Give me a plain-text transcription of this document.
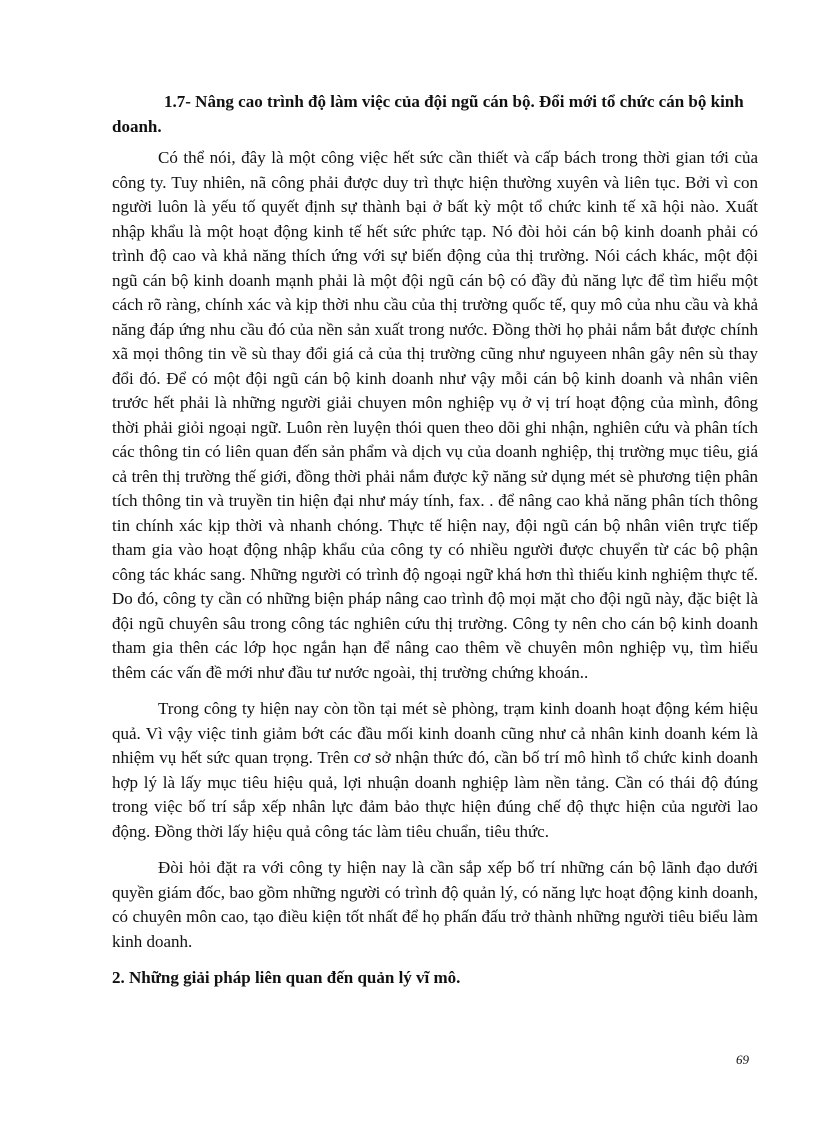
1.7- Nâng cao trình độ làm việc của đội ngũ cán bộ. Đổi mới tổ chức cán bộ kinh doanh.

Có thể nói, đây là một công việc hết sức cần thiết và cấp bách trong thời gian tới của công ty. Tuy nhiên, nã công phải được duy trì thực hiện thường xuyên và liên tục. Bởi vì con người luôn là yếu tố quyết định sự thành bại ở bất kỳ một tổ chức kinh tế xã hội nào. Xuất nhập khẩu là một hoạt động kinh tế hết sức phức tạp. Nó đòi hỏi cán bộ kinh doanh phải có trình độ cao và khả năng thích ứng với sự biến động của thị trường. Nói cách khác, một đội ngũ cán bộ kinh doanh mạnh phải là một đội ngũ cán bộ có đầy đủ năng lực để tìm hiểu một cách rõ ràng, chính xác và kịp thời nhu cầu của thị trường quốc tế, quy mô của nhu cầu và khả năng đáp ứng nhu cầu đó của nền sản xuất trong nước. Đồng thời họ phải nắm bắt được chính xã mọi thông tin về sù thay đổi giá cả của thị trường cũng như nguyeen nhân gây nên sù thay đổi đó. Để có một đội ngũ cán bộ kinh doanh như vậy mỗi cán bộ kinh doanh và nhân viên trước hết phải là những người giải chuyen môn nghiệp vụ ở vị trí hoạt động của mình, đông thời phải giỏi ngoại ngữ. Luôn rèn luyện thói quen theo dõi ghi nhận, nghiên cứu và phân tích các thông tin có liên quan đến sản phẩm và dịch vụ của doanh nghiệp, thị trường mục tiêu, giá cả trên thị trường thế giới, đồng thời phải nắm được kỹ năng sử dụng mét sè phương tiện phân tích thông tin và truyền tin hiện đại như máy tính, fax. . để nâng cao khả năng phân tích thông tin chính xác kịp thời và nhanh chóng. Thực tế hiện nay, đội ngũ cán bộ nhân viên trực tiếp tham gia vào hoạt động nhập khẩu của công ty có nhiều người được chuyển từ các bộ phận công tác khác sang. Những người có trình độ ngoại ngữ khá hơn thì thiếu kinh nghiệm thực tế. Do đó, công ty cần có những biện pháp nâng cao trình độ mọi mặt cho đội ngũ này, đặc biệt là đội ngũ chuyên sâu trong công tác nghiên cứu thị trường. Công ty nên cho cán bộ kinh doanh tham gia thên các lớp học ngắn hạn để nâng cao thêm về chuyên môn nghiệp vụ, tìm hiểu thêm các vấn đề mới như đầu tư nước ngoài, thị trường chứng khoán..

Trong công ty hiện nay còn tồn tại mét sè phòng, trạm kinh doanh hoạt động kém hiệu quả. Vì vậy việc tinh giảm bớt các đầu mối kinh doanh cũng như cả nhân kinh doanh kém là nhiệm vụ hết sức quan trọng. Trên cơ sở nhận thức đó, cần bố trí mô hình tổ chức kinh doanh hợp lý là lấy mục tiêu hiệu quả, lợi nhuận doanh nghiệp làm nền tảng. Cần có thái độ đúng trong việc bố trí sắp xếp nhân lực đảm bảo thực hiện đúng chế độ thực hiện của người lao động. Đồng thời lấy hiệu quả công tác làm tiêu chuẩn, tiêu thức.

Đòi hỏi đặt ra với công ty hiện nay là cần sắp xếp bố trí những cán bộ lãnh đạo dưới quyền giám đốc, bao gồm những người có trình độ quản lý, có năng lực hoạt động kinh doanh, có chuyên môn cao, tạo điều kiện tốt nhất để họ phấn đấu trở thành những người tiêu biểu làm kinh doanh.

2. Những giải pháp liên quan đến quản lý vĩ mô.

69
